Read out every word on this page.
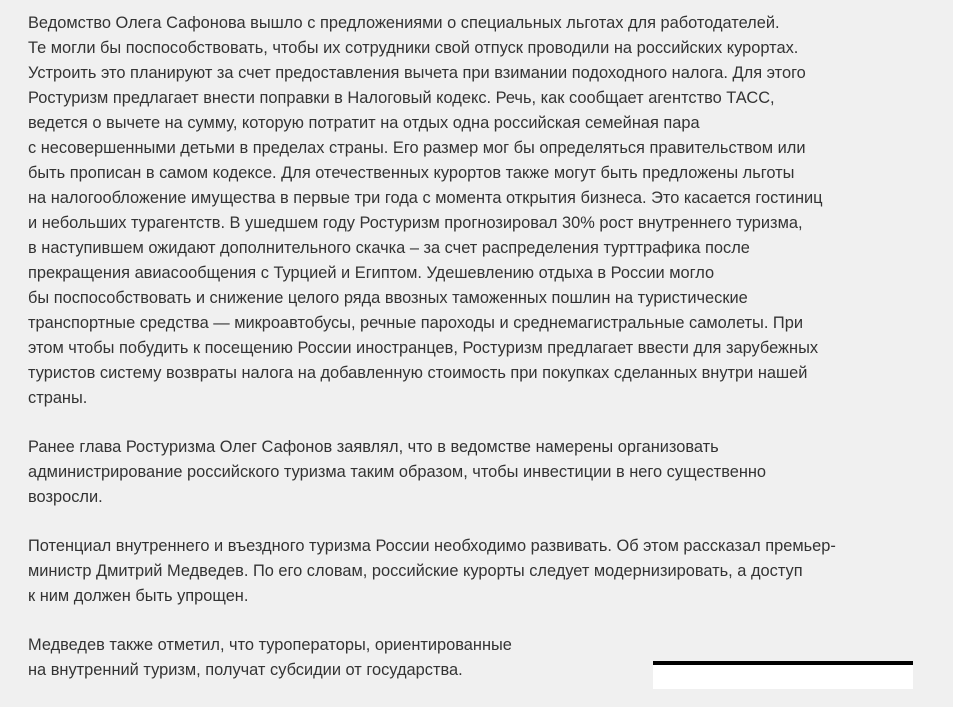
Ведомство Олега Сафонова вышло с предложениями о специальных льготах для работодателей.
Те могли бы поспособствовать, чтобы их сотрудники свой отпуск проводили на российских курортах.
Устроить это планируют за счет предоставления вычета при взимании подоходного налога. Для этого
Ростуризм предлагает внести поправки в Налоговый кодекс. Речь, как сообщает агентство ТАСС,
ведется о вычете на сумму, которую потратит на отдых одна российская семейная пара
с несовершенными детьми в пределах страны. Его размер мог бы определяться правительством или
быть прописан в самом кодексе. Для отечественных курортов также могут быть предложены льготы
на налогообложение имущества в первые три года с момента открытия бизнеса. Это касается гостиниц
и небольших турагентств. В ушедшем году Ростуризм прогнозировал 30% рост внутреннего туризма,
в наступившем ожидают дополнительного скачка – за счет распределения турттрафика после
прекращения авиасообщения с Турцией и Египтом. Удешевлению отдыха в России могло
бы поспособствовать и снижение целого ряда ввозных таможенных пошлин на туристические
транспортные средства — микроавтобусы, речные пароходы и среднемагистральные самолеты. При
этом чтобы побудить к посещению России иностранцев, Ростуризм предлагает ввести для зарубежных
туристов систему возвраты налога на добавленную стоимость при покупках сделанных внутри нашей
страны.

Ранее глава Ростуризма Олег Сафонов заявлял, что в ведомстве намерены организовать
администрирование российского туризма таким образом, чтобы инвестиции в него существенно
возросли.

Потенциал внутреннего и въездного туризма России необходимо развивать. Об этом рассказал премьер-
министр Дмитрий Медведев. По его словам, российские курорты следует модернизировать, а доступ
к ним должен быть упрощен.

Медведев также отметил, что туроператоры, ориентированные
на внутренний туризм, получат субсидии от государства.
